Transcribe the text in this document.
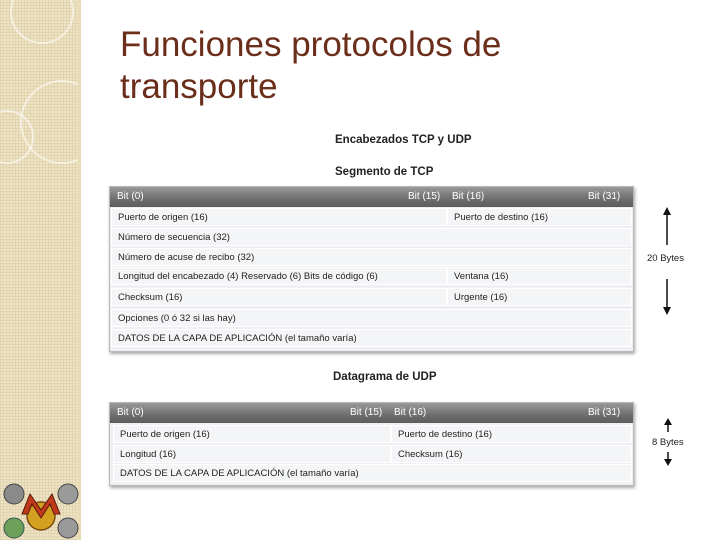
Funciones protocolos de transporte
Encabezados TCP y UDP
Segmento de TCP
Bit (0)	Bit (15) Bit (16)	Bit (31)
Puerto de origen (16)	Puerto de destino (16)
Número de secuencia (32)
Número de acuse de recibo (32)
Longitud del encabezado (4) Reservado (6) Bits de código (6)	Ventana (16)
Checksum (16)	Urgente (16)
Opciones (0 ó 32 si las hay)
DATOS DE LA CAPA DE APLICACIÓN (el tamaño varía)
20 Bytes
Datagrama de UDP
Bit (0)	Bit (15) Bit (16)	Bit (31)
Puerto de origen (16)	Puerto de destino (16)
Longitud (16)	Checksum (16)
DATOS DE LA CAPA DE APLICACIÓN (el tamaño varía)
8 Bytes
